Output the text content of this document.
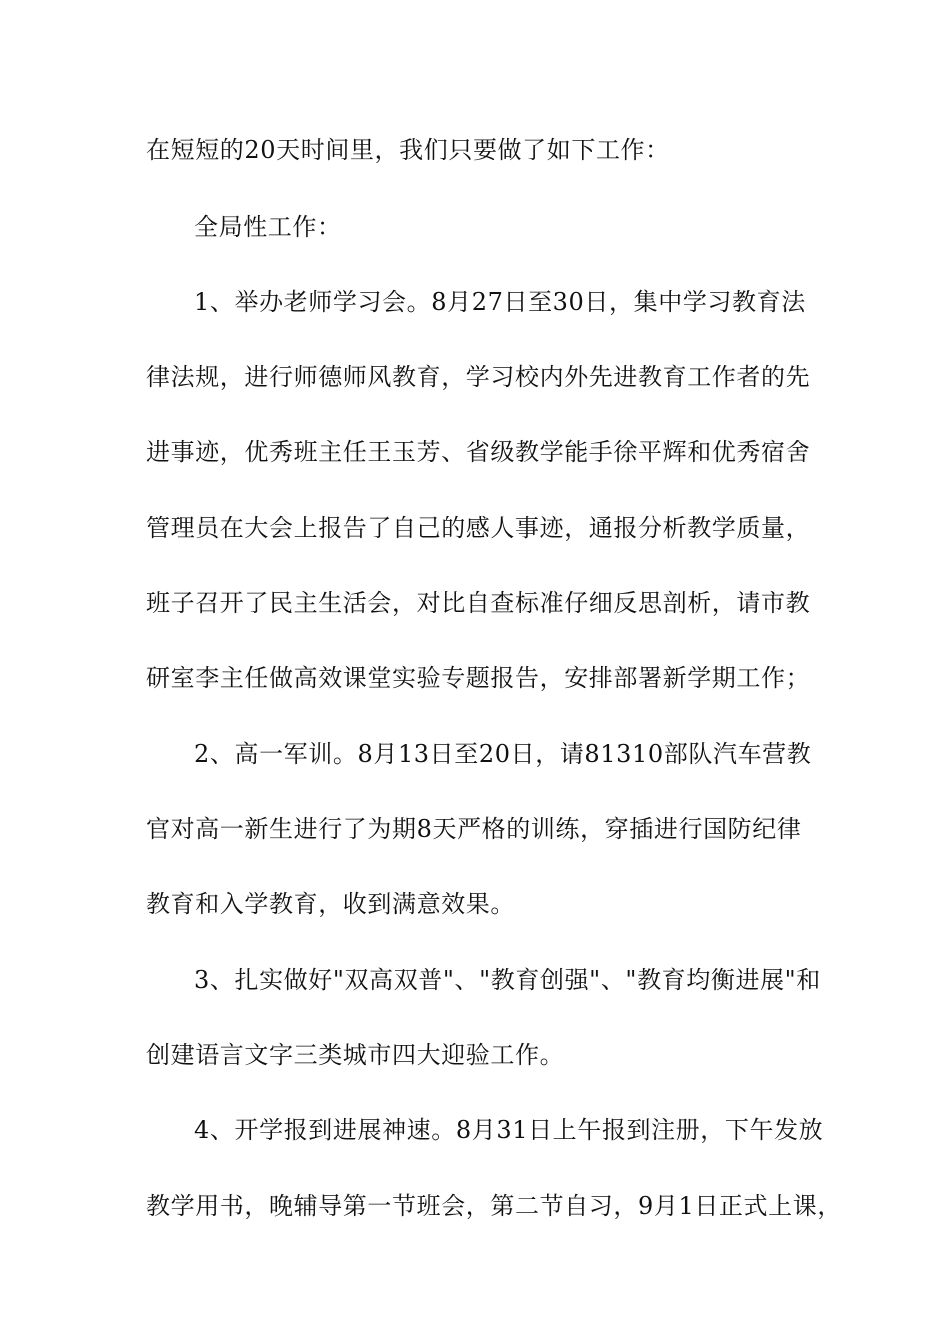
在短短的20天时间里，我们只要做了如下工作：
全局性工作：
1、举办老师学习会。8月27日至30日，集中学习教育法
律法规，进行师德师风教育，学习校内外先进教育工作者的先
进事迹，优秀班主任王玉芳、省级教学能手徐平辉和优秀宿舍
管理员在大会上报告了自己的感人事迹，通报分析教学质量，
班子召开了民主生活会，对比自查标准仔细反思剖析，请市教
研室李主任做高效课堂实验专题报告，安排部署新学期工作；
2、高一军训。8月13日至20日，请81310部队汽车营教
官对高一新生进行了为期8天严格的训练，穿插进行国防纪律
教育和入学教育，收到满意效果。
3、扎实做好"双高双普"、"教育创强"、"教育均衡进展"和
创建语言文字三类城市四大迎验工作。
4、开学报到进展神速。8月31日上午报到注册，下午发放
教学用书，晚辅导第一节班会，第二节自习，9月1日正式上课，
